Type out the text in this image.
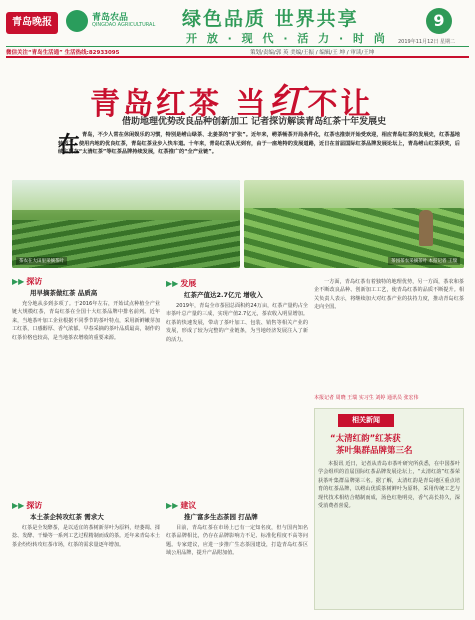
青岛晚报	青岛农品
QINGDAO AGRICULTURAL 绿色品质 世界共享
开 放 · 现 代 · 活 力 · 时 尚
9
2019年11月12日 星期二
微信关注“青岛生活通” 生活热线:82933095	策划/责编/郭 英 美编/王振 / 编辑/王 坤 / 审读/王坤
青岛红茶 当红不让
借助地理优势改良品种创新加工 记者探访解读青岛红茶十年发展史
在 青岛，不少人常在休闲娱乐的习惯，特别是崂山绿茶、北姜茶的“扩张”。近年来，崂茶畅茶开局条件化，红茶也推崇开始受欢迎，相应青岛红茶的发展史，红茶基地转型了，使用内地的优良红茶，青岛红茶业步入快车道。十年来，青岛红茶从无到有，由于一座地特的发展道路，近日在首届国际红茶品牌发展论坛上，青岛崂山红茶获奖，后续主要在“太清红茶”等红茶品牌持续发展，红茶推广的“全产业链”。
茶农在大田里采摘茶叶	茶园茶农采摘茶叶 本报记者 王瑞
▶▶ 探访
用早摘茶做红茶 品质高
充分地从多到多项了。于2016年左右，开始试点种植全产业链大规模红茶，青岛红茶在全国十大红茶品牌中排名前列。近年来，当地茶叶加工企业根据不同季节的茶叶特点，采用新鲜嫩芽加工红茶，口感醇厚、香气浓郁。早春采摘的茶叶品质最高，制作的红茶价格也较高，是当地茶农增收的重要来源。
▶▶ 探访
本土茶企转攻红茶 需求大
红茶是全发酵茶，是以适宜的茶树新芽叶为原料，经萎凋、揉捻、发酵、干燥等一系列工艺过程精制而成的茶。近年来青岛本土茶企纷纷转攻红茶市场，红茶的需求量逐年增加。
▶▶ 发展
红茶产值达2.7亿元 增收入
2019年，青岛全市茶园总面积约24万亩，红茶产量约占全市茶叶总产量的三成，实现产值2.7亿元，茶农收入明显增加。红茶的快速发展，带动了茶叶加工、包装、销售等相关产业的发展，形成了较为完整的产业链条，为当地经济发展注入了新的活力。
▶▶ 建议
推广富多生态茶园 打品牌
目前，青岛红茶在市场上已有一定知名度，但与国内知名红茶品牌相比，仍存在品牌影响力不足、标准化程度不高等问题。专家建议，应进一步推广生态茶园建设，打造青岛红茶区域公用品牌，提升产品附加值。
一方面，青岛红茶有着独特的地理优势，另一方面，茶农和茶企不断改良品种、创新加工工艺，使青岛红茶的品质不断提升。相关负责人表示，将继续加大对红茶产业的扶持力度，推动青岛红茶走向全国。
本报记者 周晓 王瑞 实习生 刘婷 通讯员 张宏伟
相关新闻
“太清红韵”红茶获
茶叶集群品牌第三名
本报讯 近日，记者从青岛市茶叶研究所获悉，在中国茶叶学会组织的首届国际红茶品牌发展论坛上，“太清红韵”红茶荣获茶叶集群品牌第三名。据了解，太清红韵是青岛地区重点培育的红茶品牌，以崂山优质茶树鲜叶为原料，采用传统工艺与现代技术相结合精制而成，汤色红艳明亮，香气高长持久，深受消费者喜爱。
